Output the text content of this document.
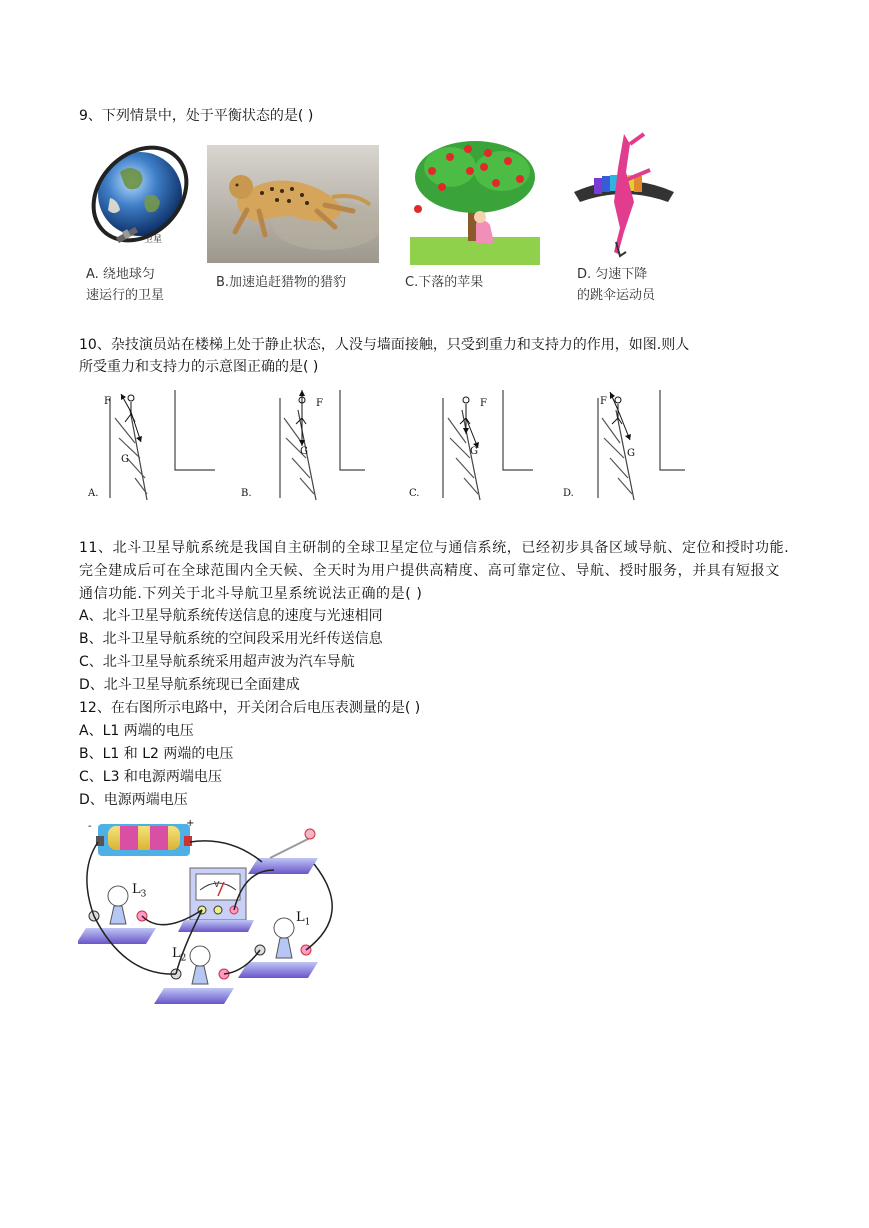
9、下列情景中，处于平衡状态的是( )
卫星
A. 绕地球匀
速运行的卫星
B.加速追赶猎物的猎豹	C.下落的苹果
D. 匀速下降
的跳伞运动员
10、杂技演员站在楼梯上处于静止状态，人没与墙面接触，只受到重力和支持力的作用，如图.则人
所受重力和支持力的示意图正确的是( )
F
G
A.
F
G
B.
F
G
C.
F
G
D.
11、北斗卫星导航系统是我国自主研制的全球卫星定位与通信系统，已经初步具备区域导航、定位和授时功能.完全建成后可在全球范围内全天候、全天时为用户提供高精度、高可靠定位、导航、授时服务，并具有短报文通信功能.下列关于北斗导航卫星系统说法正确的是( )
A、北斗卫星导航系统传送信息的速度与光速相同
B、北斗卫星导航系统的空间段采用光纤传送信息
C、北斗卫星导航系统采用超声波为汽车导航
D、北斗卫星导航系统现已全面建成
12、在右图所示电路中，开关闭合后电压表测量的是( )
A、L1 两端的电压
B、L1 和 L2 两端的电压
C、L3 和电源两端电压
D、电源两端电压
-	+
V
$L_3$
$L_1$
$L_2$
